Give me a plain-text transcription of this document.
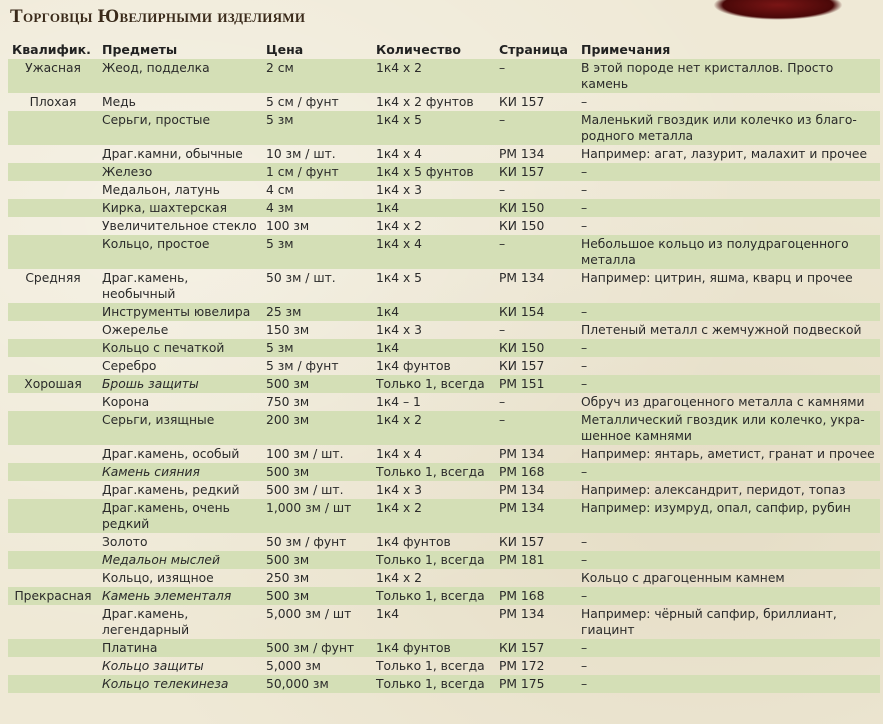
Торговцы Ювелирными изделиями
Квалифик.	Предметы	Цена	Количество	Страница	Примечания
Ужасная	Жеод, подделка	2 см	1к4 x 2	–	В этой породе нет кристаллов. Просто камень
Плохая	Медь	5 см / фунт	1к4 x 2 фунтов	КИ 157	–
	Серьги, простые	5 зм	1к4 x 5	–	Маленький гвоздик или колечко из благо-родного металла
	Драг.камни, обычные	10 зм / шт.	1к4 x 4	РМ 134	Например: агат, лазурит, малахит и прочее
	Железо	1 см / фунт	1к4 x 5 фунтов	КИ 157	–
	Медальон, латунь	4 см	1к4 x 3	–	–
	Кирка, шахтерская	4 зм	1к4	КИ 150	–
	Увеличительное стекло	100 зм	1к4 x 2	КИ 150	–
	Кольцо, простое	5 зм	1к4 x 4	–	Небольшое кольцо из полудрагоценного металла
Средняя	Драг.камень, необычный	50 зм / шт.	1к4 x 5	РМ 134	Например: цитрин, яшма, кварц и прочее
	Инструменты ювелира	25 зм	1к4	КИ 154	–
	Ожерелье	150 зм	1к4 x 3	–	Плетеный металл с жемчужной подвеской
	Кольцо с печаткой	5 зм	1к4	КИ 150	–
	Серебро	5 зм / фунт	1к4 фунтов	КИ 157	–
Хорошая	Брошь защиты	500 зм	Только 1, всегда	РМ 151	–
	Корона	750 зм	1к4 – 1	–	Обруч из драгоценного металла с камнями
	Серьги, изящные	200 зм	1к4 x 2	–	Металлический гвоздик или колечко, укра-шенное камнями
	Драг.камень, особый	100 зм / шт.	1к4 x 4	РМ 134	Например: янтарь, аметист, гранат и прочее
	Камень сияния	500 зм	Только 1, всегда	РМ 168	–
	Драг.камень, редкий	500 зм / шт.	1к4 x 3	РМ 134	Например: александрит, перидот, топаз
	Драг.камень, очень редкий	1,000 зм / шт	1к4 x 2	РМ 134	Например: изумруд, опал, сапфир, рубин
	Золото	50 зм / фунт	1к4 фунтов	КИ 157	–
	Медальон мыслей	500 зм	Только 1, всегда	РМ 181	–
	Кольцо, изящное	250 зм	1к4 x 2		Кольцо с драгоценным камнем
Прекрасная	Камень элементаля	500 зм	Только 1, всегда	РМ 168	–
	Драг.камень, легендарный	5,000 зм / шт	1к4	РМ 134	Например: чёрный сапфир, бриллиант, гиацинт
	Платина	500 зм / фунт	1к4 фунтов	КИ 157	–
	Кольцо защиты	5,000 зм	Только 1, всегда	РМ 172	–
	Кольцо телекинеза	50,000 зм	Только 1, всегда	РМ 175	–
